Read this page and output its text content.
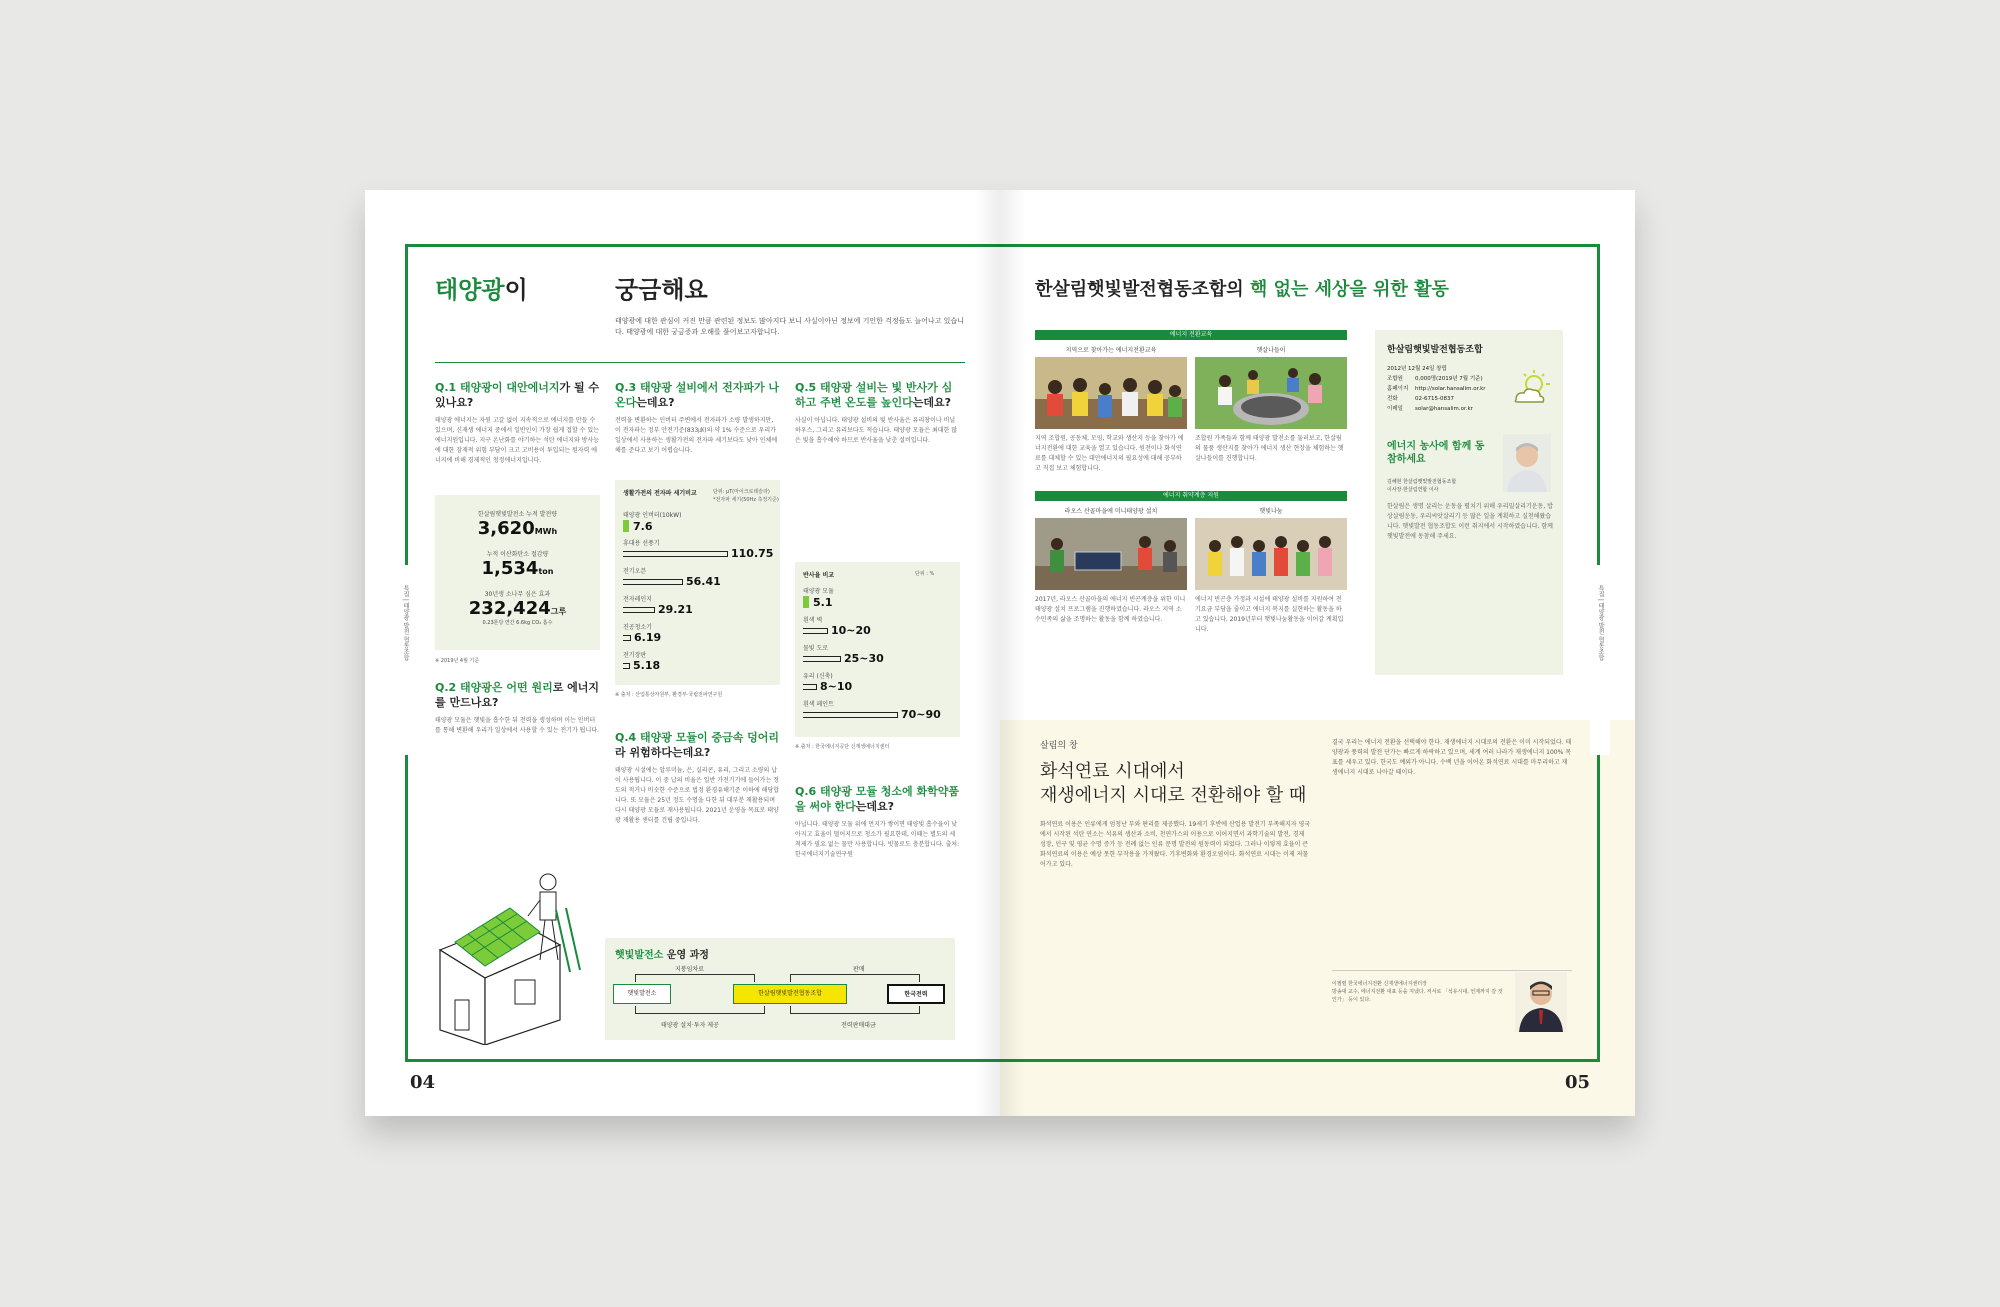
특집 | 태양광 발전 협동조합
태양광이	궁금해요
태양광에 대한 관심이 커진 만큼 관련된 정보도 많아지다 보니 사실이아닌 정보에 기인한 걱정들도 늘어나고 있습니다. 태양광에 대한 궁금증과 오해를 풀어보고자합니다.
Q.1 태양광이 대안에너지가 될 수 있나요?
태양광 에너지는 자원 고갈 없이 지속적으로 에너지를 만들 수 있으며, 신재생 에너지 중에서 일반인이 가장 쉽게 접할 수 있는 에너지원입니다. 지구 온난화를 야기하는 석탄 에너지와 방사능에 대한 잠재적 위험 부담이 크고 고비용이 투입되는 원자력 에너지에 비해 경제적인 청정에너지입니다.
한살림햇빛발전소 누적 발전량
3,620MWh
누적 이산화탄소 절감량
1,534ton
30년생 소나무 심은 효과
232,424그루
0.23톤당 연간 6.6kg CO₂ 흡수
※ 2019년 4월 기준
Q.2 태양광은 어떤 원리로 에너지를 만드나요?
태양광 모듈은 햇빛을 흡수한 뒤 전력을 생성하며 이는 인버터를 통해 변환해 우리가 일상에서 사용할 수 있는 전기가 됩니다.
Q.3 태양광 설비에서 전자파가 나온다는데요?
전력을 변환하는 인버터 주변에서 전자파가 소량 발생하지만, 이 전자파는 정부 안전기준(833㎼)의 약 1% 수준으로 우리가 일상에서 사용하는 생활가전의 전자파 세기보다도 낮아 인체에 해를 준다고 보기 어렵습니다.
생활가전의 전자파 세기비교	단위: μT(마이크로테슬라)
*전자파 세기(50Hz 측정기준)
태양광 인버터(10kW)
7.6
휴대용 선풍기
110.75
전기오븐
56.41
전자레인지
29.21
진공청소기
6.19
전기장판
5.18
※ 출처 : 산업통상자원부, 환경부·국립전파연구원
Q.4 태양광 모듈이 중금속 덩어리라 위험하다는데요?
태양광 시설에는 알루미늄, 은, 실리콘, 유리, 그리고 소량의 납이 사용됩니다. 이 중 납의 비율은 일반 가전기기에 들어가는 정도의 적거나 비슷한 수준으로 법정 환경유해기준 이하에 해당합니다. 또 모듈은 25년 정도 수명을 다한 뒤 대부분 재활용되며 다시 태양광 모듈로 재사용됩니다. 2021년 운영을 목표로 태양광 재활용 센터를 건립 중입니다.
Q.5 태양광 설비는 빛 반사가 심하고 주변 온도를 높인다는데요?
사실이 아닙니다. 태양광 설비의 빛 반사율은 유리창이나 비닐하우스, 그리고 유리보다도 적습니다. 태양광 모듈은 최대한 많은 빛을 흡수해야 하므로 반사율을 낮춘 설비입니다.
반사율 비교	단위 : %
태양광 모듈
5.1
흰색 벽
10~20
물빛 도로
25~30
유리 (신축)
8~10
흰색 페인트
70~90
※ 출처 : 한국에너지공단 신재생에너지센터
Q.6 태양광 모듈 청소에 화학약품을 써야 한다는데요?
아닙니다. 태양광 모듈 위에 먼지가 쌓이면 태양빛 흡수율이 낮아지고 효율이 떨어지므로 청소가 필요한데, 이때는 별도의 세척제가 필요 없는 물만 사용합니다. 빗물로도 충분합니다. 출처: 한국에너지기술연구원
햇빛발전소 운영 과정
지붕임차료	판매
햇빛발전소	한살림햇빛발전협동조합	한국전력
태양광 설치·투자 제공	전력판매대금
04
특집 | 태양광 발전 협동조합
한살림햇빛발전협동조합의 핵 없는 세상을 위한 활동
에너지 전환교육
지역으로 찾아가는 에너지전환교육	햇살나들이
지역 조합원, 공동체, 모임, 학교와 생산지 등을 찾아가 에너지전환에 대한 교육을 열고 있습니다. 원전이나 화석연료를 대체할 수 있는 대안에너지의 필요성에 대해 공부하고 직접 보고 체험합니다.
조합원 가족들과 함께 태양광 발전소를 둘러보고, 한살림의 물품 생산지를 찾아가 에너지 생산 현장을 체험하는 햇살나들이를 진행합니다.
에너지 취약계층 지원
라오스 산골마을에 미니태양광 설치	햇빛나눔
2017년, 라오스 산골마을의 에너지 빈곤계층을 위한 미니태양광 설치 프로그램을 진행하였습니다. 라오스 지역 소수민족의 삶을 조명하는 활동을 함께 하였습니다.
에너지 빈곤층 가정과 시설에 태양광 설비를 지원하여 전기요금 부담을 줄이고 에너지 복지를 실현하는 활동을 하고 있습니다. 2019년부터 햇빛나눔활동을 이어갈 계획입니다.
한살림햇빛발전협동조합
2012년 12월 24일 창립
조합원 0,000명(2019년 7월 기준)
홈페이지 http://solar.hansalim.or.kr
전화	02-6715-0837
이메일 solar@hansalim.or.kr
에너지 농사에 함께 동참하세요
김혜현 한살림햇빛발전협동조합
이사장·한살림연합 이사
한살림은 생명 살리는 운동을 펼치기 위해 우리밀살리기운동, 밥상살림운동, 우리씨앗살리기 등 많은 일을 계획하고 실천해왔습니다. 햇빛발전 협동조합도 이런 취지에서 시작하였습니다. 함께 햇빛발전에 동참해 주세요.
살림의 창
화석연료 시대에서
재생에너지 시대로 전환해야 할 때
화석연료 이용은 인류에게 엄청난 부와 편리를 제공했다. 19세기 후반에 산업용 발전기 부족해지자 영국에서 시작된 석탄 연소는 석유의 생산과 소비, 천연가스의 이용으로 이어지면서 과학기술의 발전, 경제 성장, 인구 및 평균 수명 증가 등 전례 없는 인류 문명 발전의 원동력이 되었다. 그러나 이렇게 효율이 큰 화석연료의 이용은 예상 못한 부작용을 가져왔다. 기후변화와 환경오염이다. 화석연료 시대는 이제 저물어가고 있다.
결국 우리는 에너지 전환을 선택해야 한다. 재생에너지 시대로의 전환은 이미 시작되었다. 태양광과 풍력의 발전 단가는 빠르게 하락하고 있으며, 세계 여러 나라가 재생에너지 100% 목표를 세우고 있다. 한국도 예외가 아니다. 수백 년을 이어온 화석연료 시대를 마무리하고 재생에너지 시대로 나아갈 때이다.
이필렬 한국에너지전환 신재생에너지센터장
방송대 교수, 에너지전환 대표 등을 지냈다. 저서로 「석유시대, 언제까지 갈 것인가」 등이 있다.
05
